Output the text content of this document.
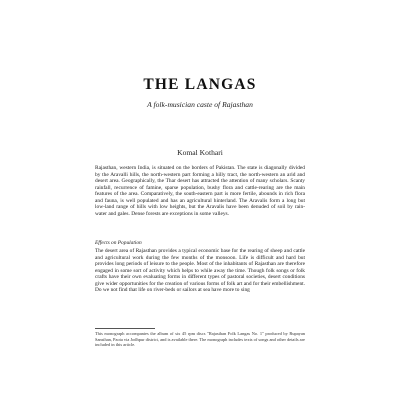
THE LANGAS
A folk-musician caste of Rajasthan
Komal Kothari

Rajasthan, western India, is situated on the borders of Pakistan. The state is diagonally divided by the Aravalli hills, the north-western part forming a hilly tract, the north-western an arid and desert area. Geographically, the Thar desert has attracted the attention of many scholars. Scanty rainfall, recurrence of famine, sparse population, bushy flora and cattle-rearing are the main features of the area. Comparatively, the south-eastern part is more fertile, abounds in rich flora and fauna, is well populated and has an agricultural hinterland. The Aravalis form a long but low-land range of hills with low heights, but the Aravalis have been denuded of soil by rain-water and gales. Dense forests are exceptions in some valleys.

Effects on Population

The desert area of Rajasthan provides a typical economic base for the rearing of sheep and cattle and agricultural work during the few months of the monsoon. Life is difficult and hard but provides long periods of leisure to the people. Most of the inhabitants of Rajasthan are therefore engaged in some sort of activity which helps to while away the time. Though folk songs or folk crafts have their own evaluating forms in different types of pastoral societies, desert conditions give wider opportunities for the creation of various forms of folk art and for their embellishment. Do we not find that life on river-beds or sailors at sea have more to sing

This monograph accompanies the album of six 45 rpm discs "Rajasthan Folk Langas No. 1" produced by Rupayan Sansthan, Paota via Jodhpur district, and is available there. The monograph includes texts of songs and other details are included in this article.
